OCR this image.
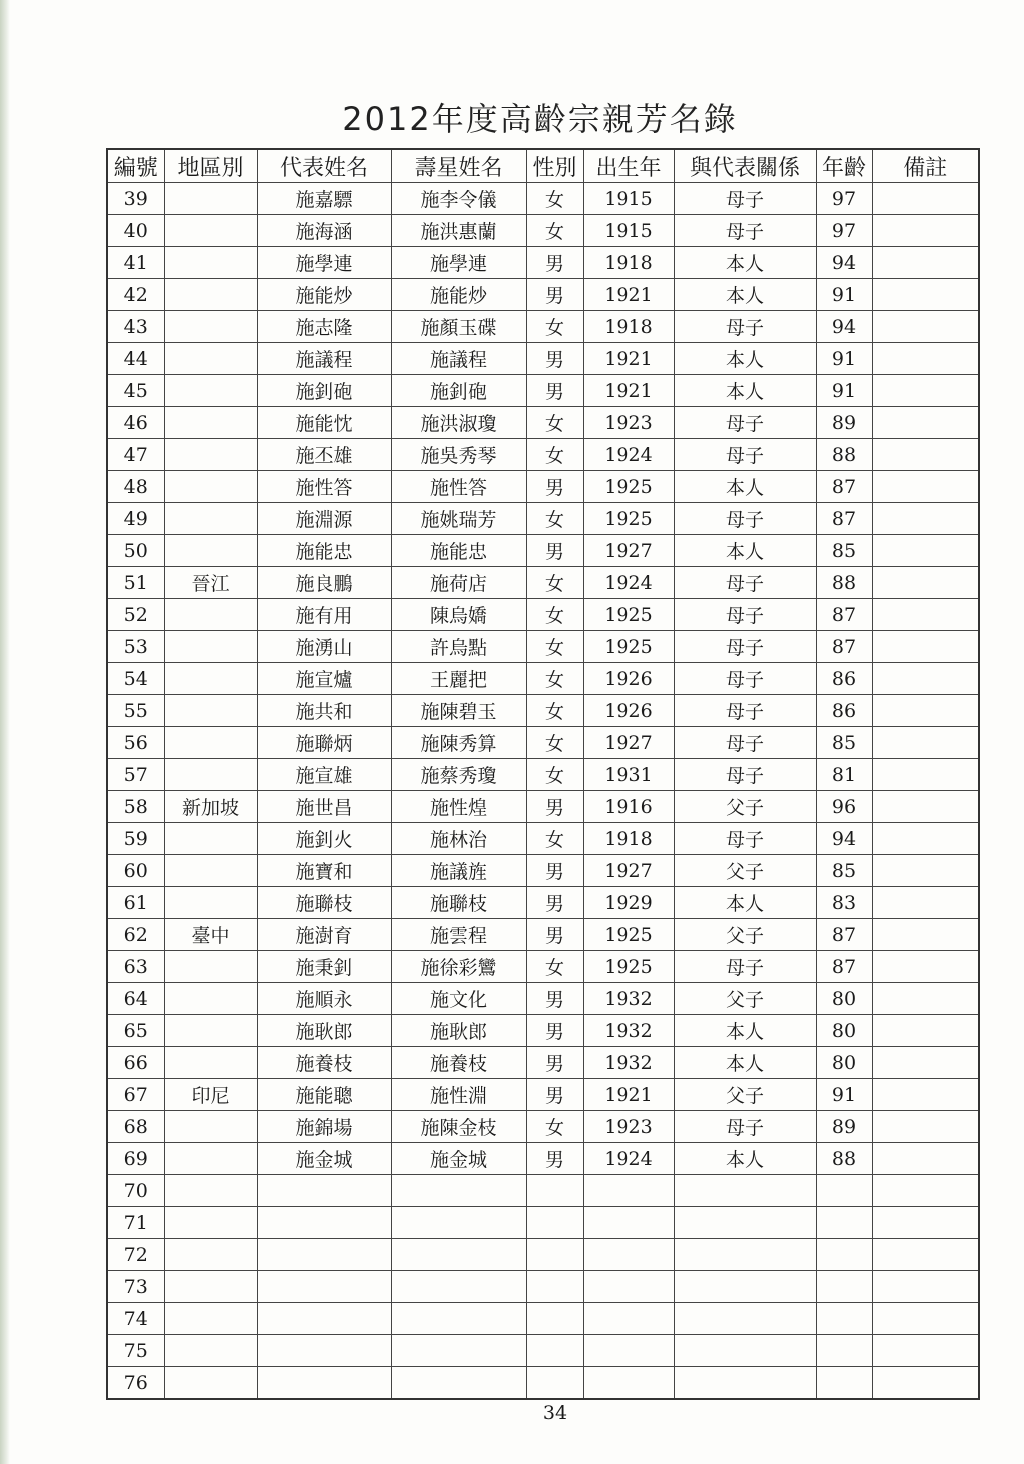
2012年度高齡宗親芳名錄
編號	地區別	代表姓名	壽星姓名	性別	出生年	與代表關係	年齡	備註
39		施嘉驃	施李令儀	女	1915	母子	97	
40		施海涵	施洪惠蘭	女	1915	母子	97	
41		施學連	施學連	男	1918	本人	94	
42		施能炒	施能炒	男	1921	本人	91	
43		施志隆	施顏玉碟	女	1918	母子	94	
44		施議程	施議程	男	1921	本人	91	
45		施釗砲	施釗砲	男	1921	本人	91	
46		施能忱	施洪淑瓊	女	1923	母子	89	
47		施丕雄	施吳秀琴	女	1924	母子	88	
48		施性答	施性答	男	1925	本人	87	
49		施淵源	施姚瑞芳	女	1925	母子	87	
50		施能忠	施能忠	男	1927	本人	85	
51	晉江	施良鵬	施荷店	女	1924	母子	88	
52		施有用	陳烏嬌	女	1925	母子	87	
53		施湧山	許烏點	女	1925	母子	87	
54		施宣爐	王麗把	女	1926	母子	86	
55		施共和	施陳碧玉	女	1926	母子	86	
56		施聯炳	施陳秀算	女	1927	母子	85	
57		施宣雄	施蔡秀瓊	女	1931	母子	81	
58	新加坡	施世昌	施性煌	男	1916	父子	96	
59		施釗火	施林治	女	1918	母子	94	
60		施寶和	施議旌	男	1927	父子	85	
61		施聯枝	施聯枝	男	1929	本人	83	
62	臺中	施澍育	施雲程	男	1925	父子	87	
63		施秉釗	施徐彩鸞	女	1925	母子	87	
64		施順永	施文化	男	1932	父子	80	
65		施耿郎	施耿郎	男	1932	本人	80	
66		施養枝	施養枝	男	1932	本人	80	
67	印尼	施能聰	施性淵	男	1921	父子	91	
68		施錦場	施陳金枝	女	1923	母子	89	
69		施金城	施金城	男	1924	本人	88	
70								
71								
72								
73								
74								
75								
76								
34
